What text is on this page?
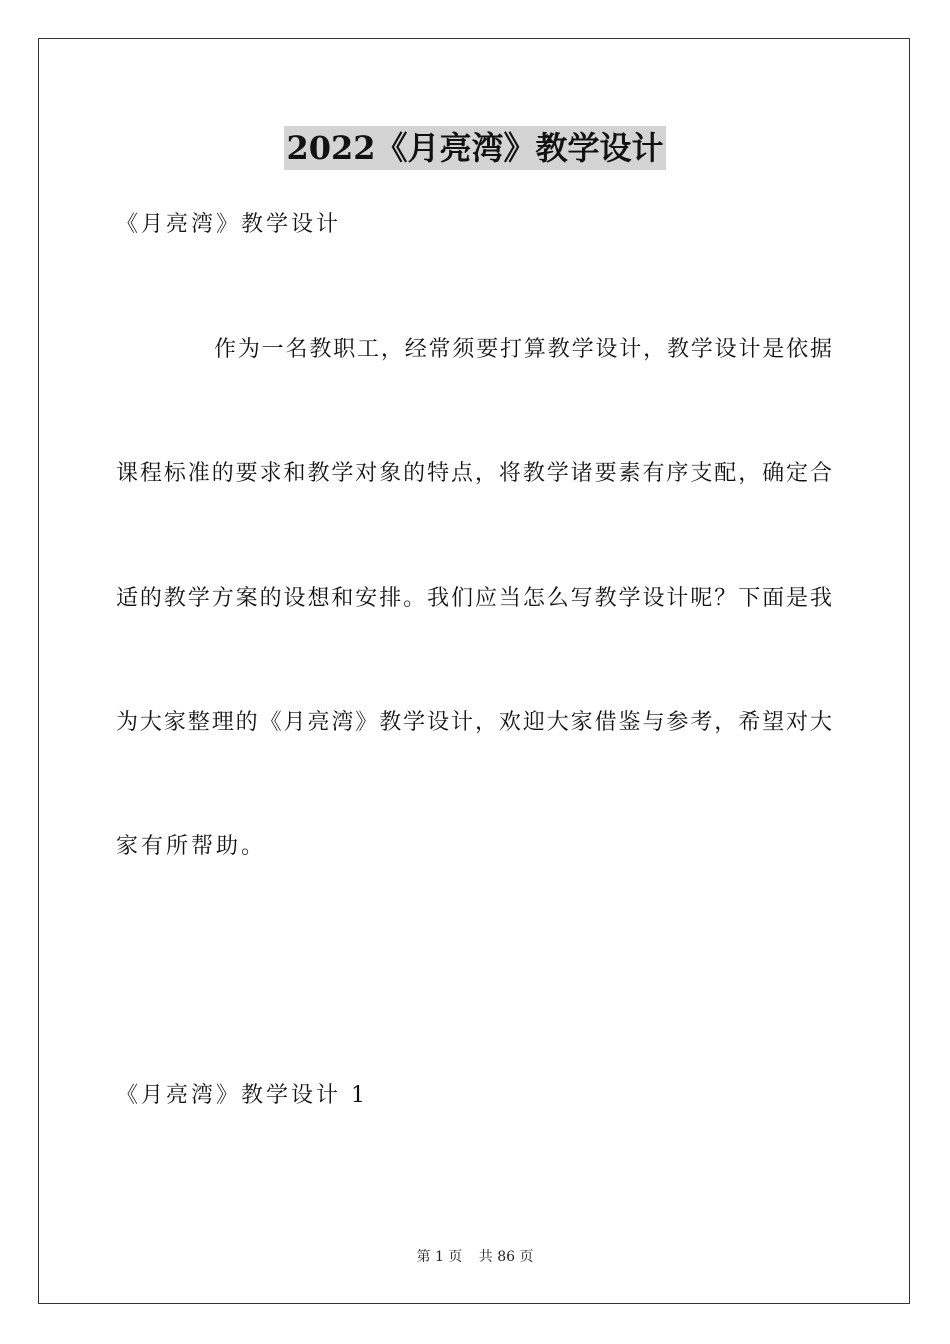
2022《月亮湾》教学设计
《月亮湾》教学设计
作为一名教职工，经常须要打算教学设计，教学设计是依据
课程标准的要求和教学对象的特点，将教学诸要素有序支配，确定合
适的教学方案的设想和安排。我们应当怎么写教学设计呢？下面是我
为大家整理的《月亮湾》教学设计，欢迎大家借鉴与参考，希望对大
家有所帮助。
《月亮湾》教学设计 1
第 1 页 共 86 页
